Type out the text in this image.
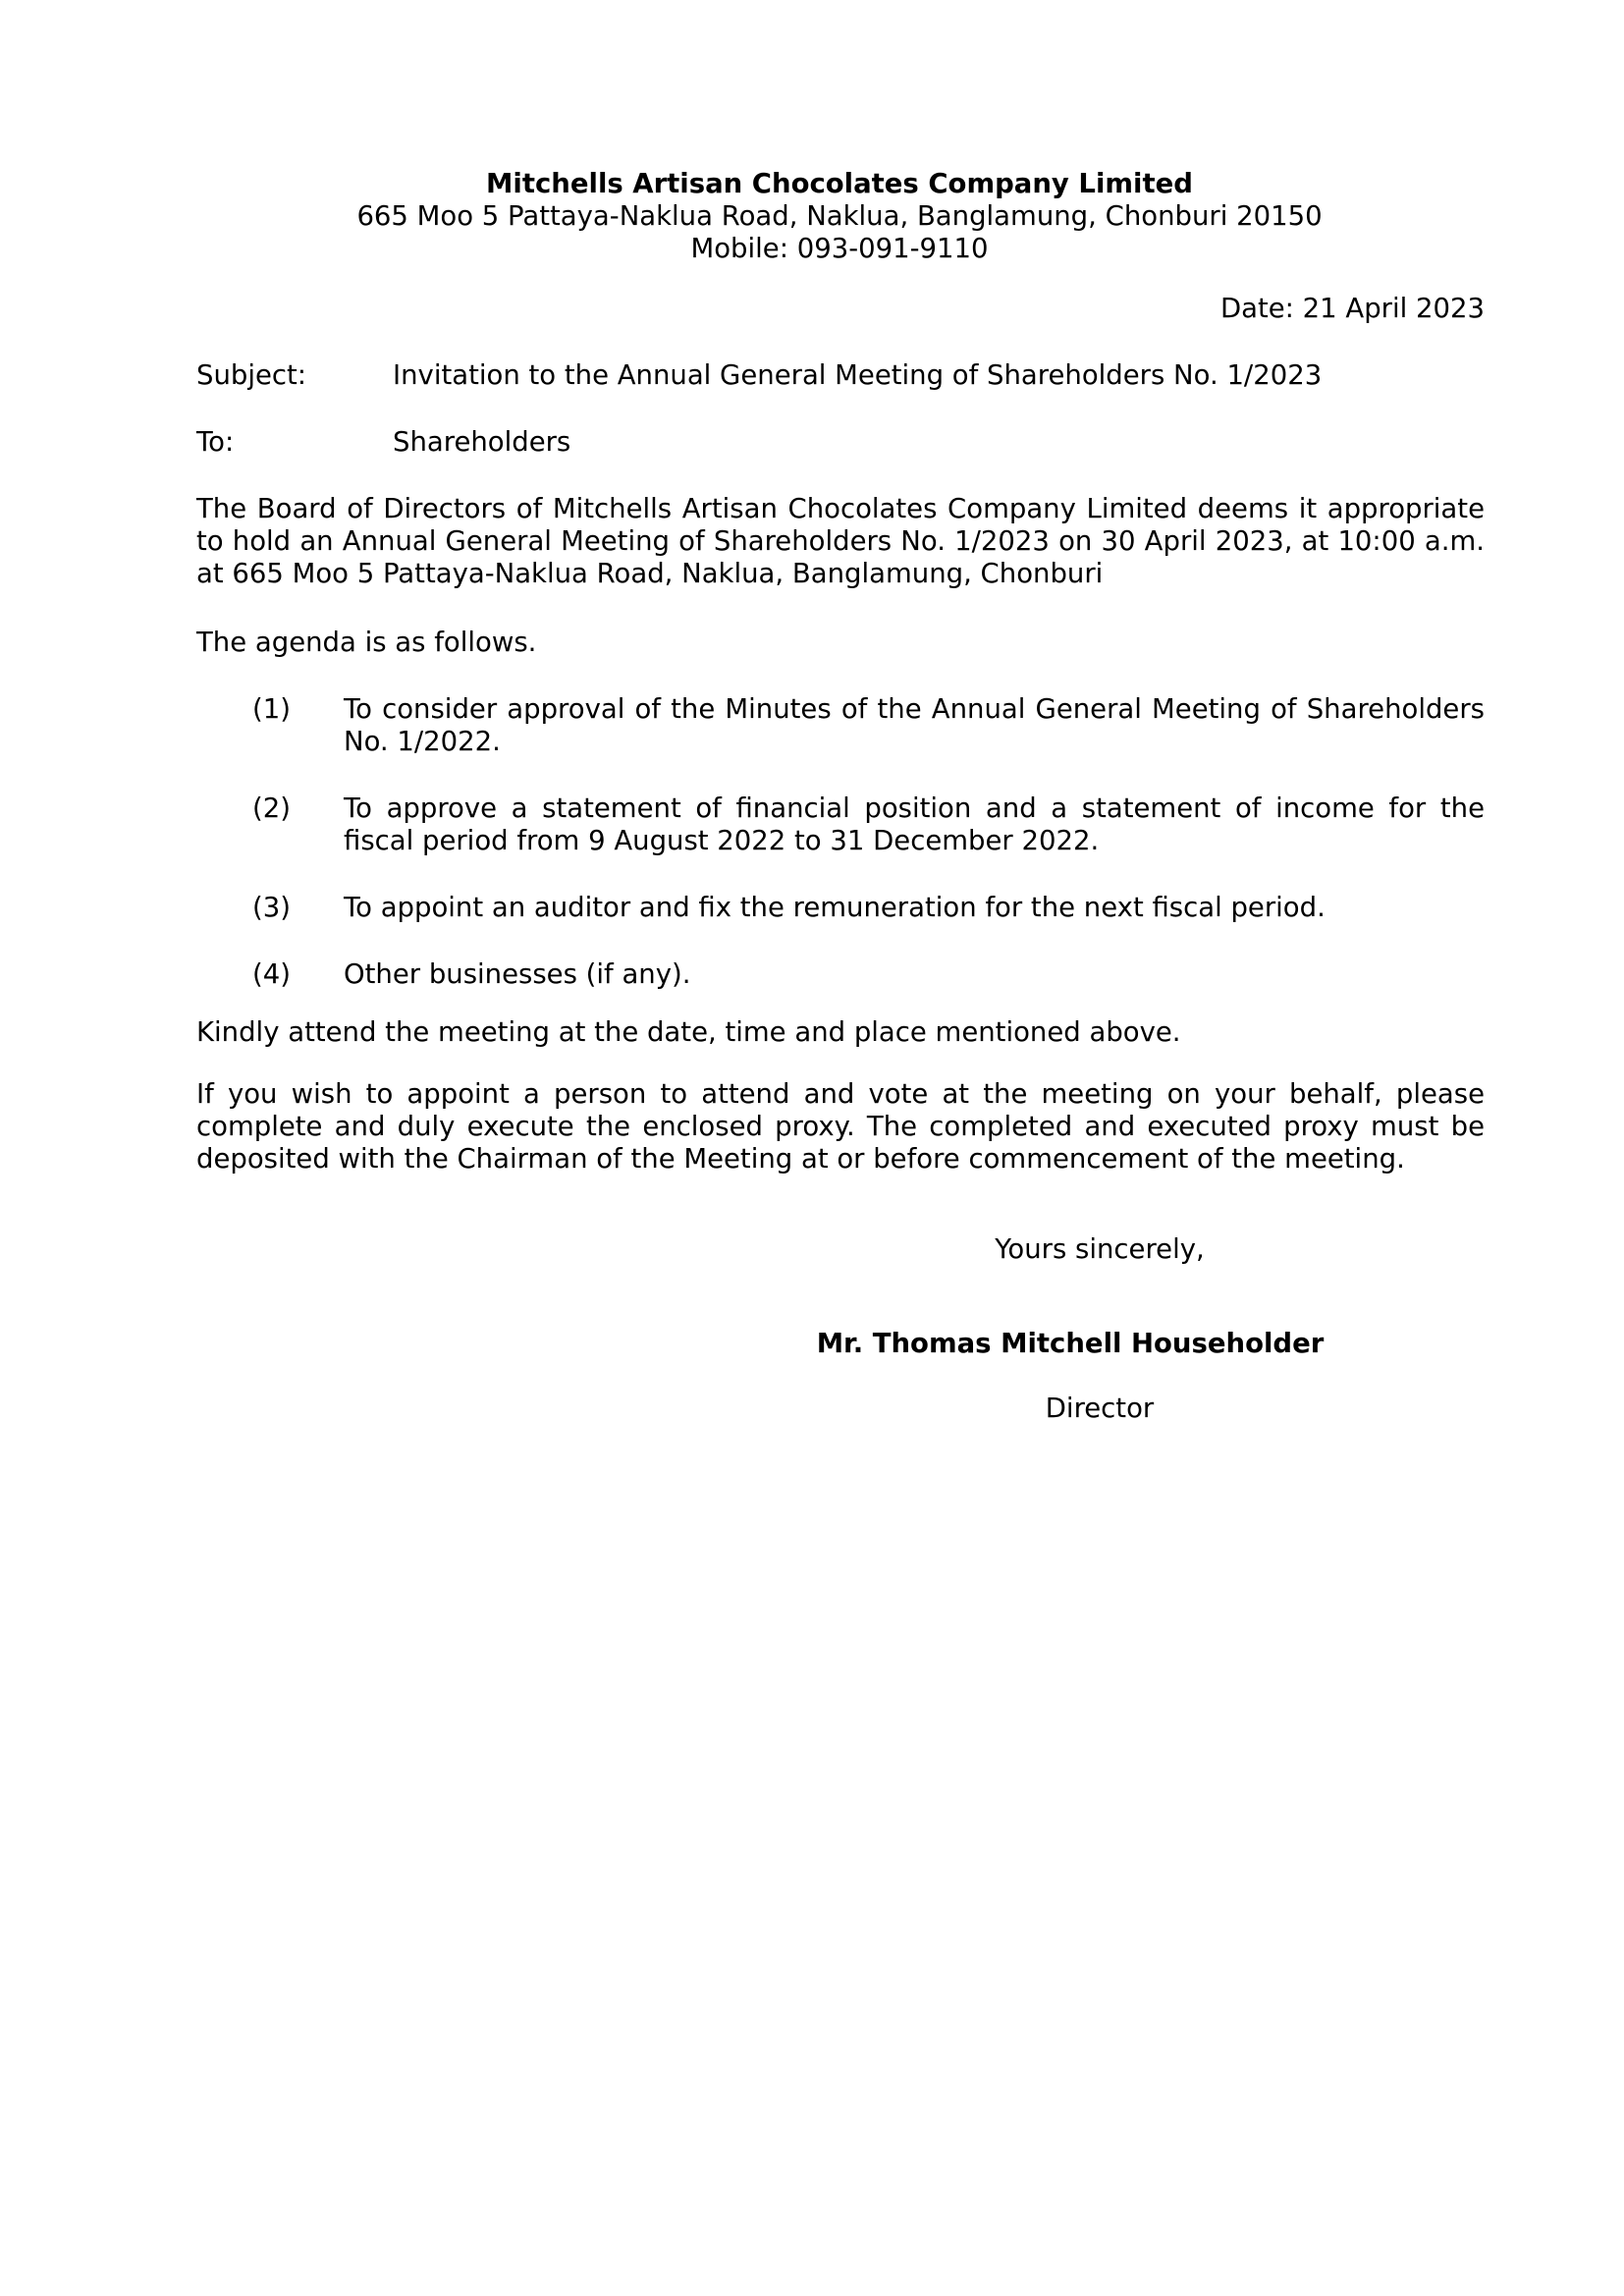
Mitchells Artisan Chocolates Company Limited
665 Moo 5 Pattaya-Naklua Road, Naklua, Banglamung, Chonburi 20150
Mobile: 093-091-9110
Date: 21 April 2023
Subject:	Invitation to the Annual General Meeting of Shareholders No. 1/2023
To:	Shareholders
The Board of Directors of Mitchells Artisan Chocolates Company Limited deems it appropriate to hold an Annual General Meeting of Shareholders No. 1/2023 on 30 April 2023, at 10:00 a.m. at 665 Moo 5 Pattaya-Naklua Road, Naklua, Banglamung, Chonburi
The agenda is as follows.
(1) To consider approval of the Minutes of the Annual General Meeting of Shareholders No. 1/2022.
(2) To approve a statement of financial position and a statement of income for the fiscal period from 9 August 2022 to 31 December 2022.
(3) To appoint an auditor and fix the remuneration for the next fiscal period.
(4) Other businesses (if any).
Kindly attend the meeting at the date, time and place mentioned above.
If you wish to appoint a person to attend and vote at the meeting on your behalf, please complete and duly execute the enclosed proxy. The completed and executed proxy must be deposited with the Chairman of the Meeting at or before commencement of the meeting.
Yours sincerely,
Mr. Thomas Mitchell Householder
Director
